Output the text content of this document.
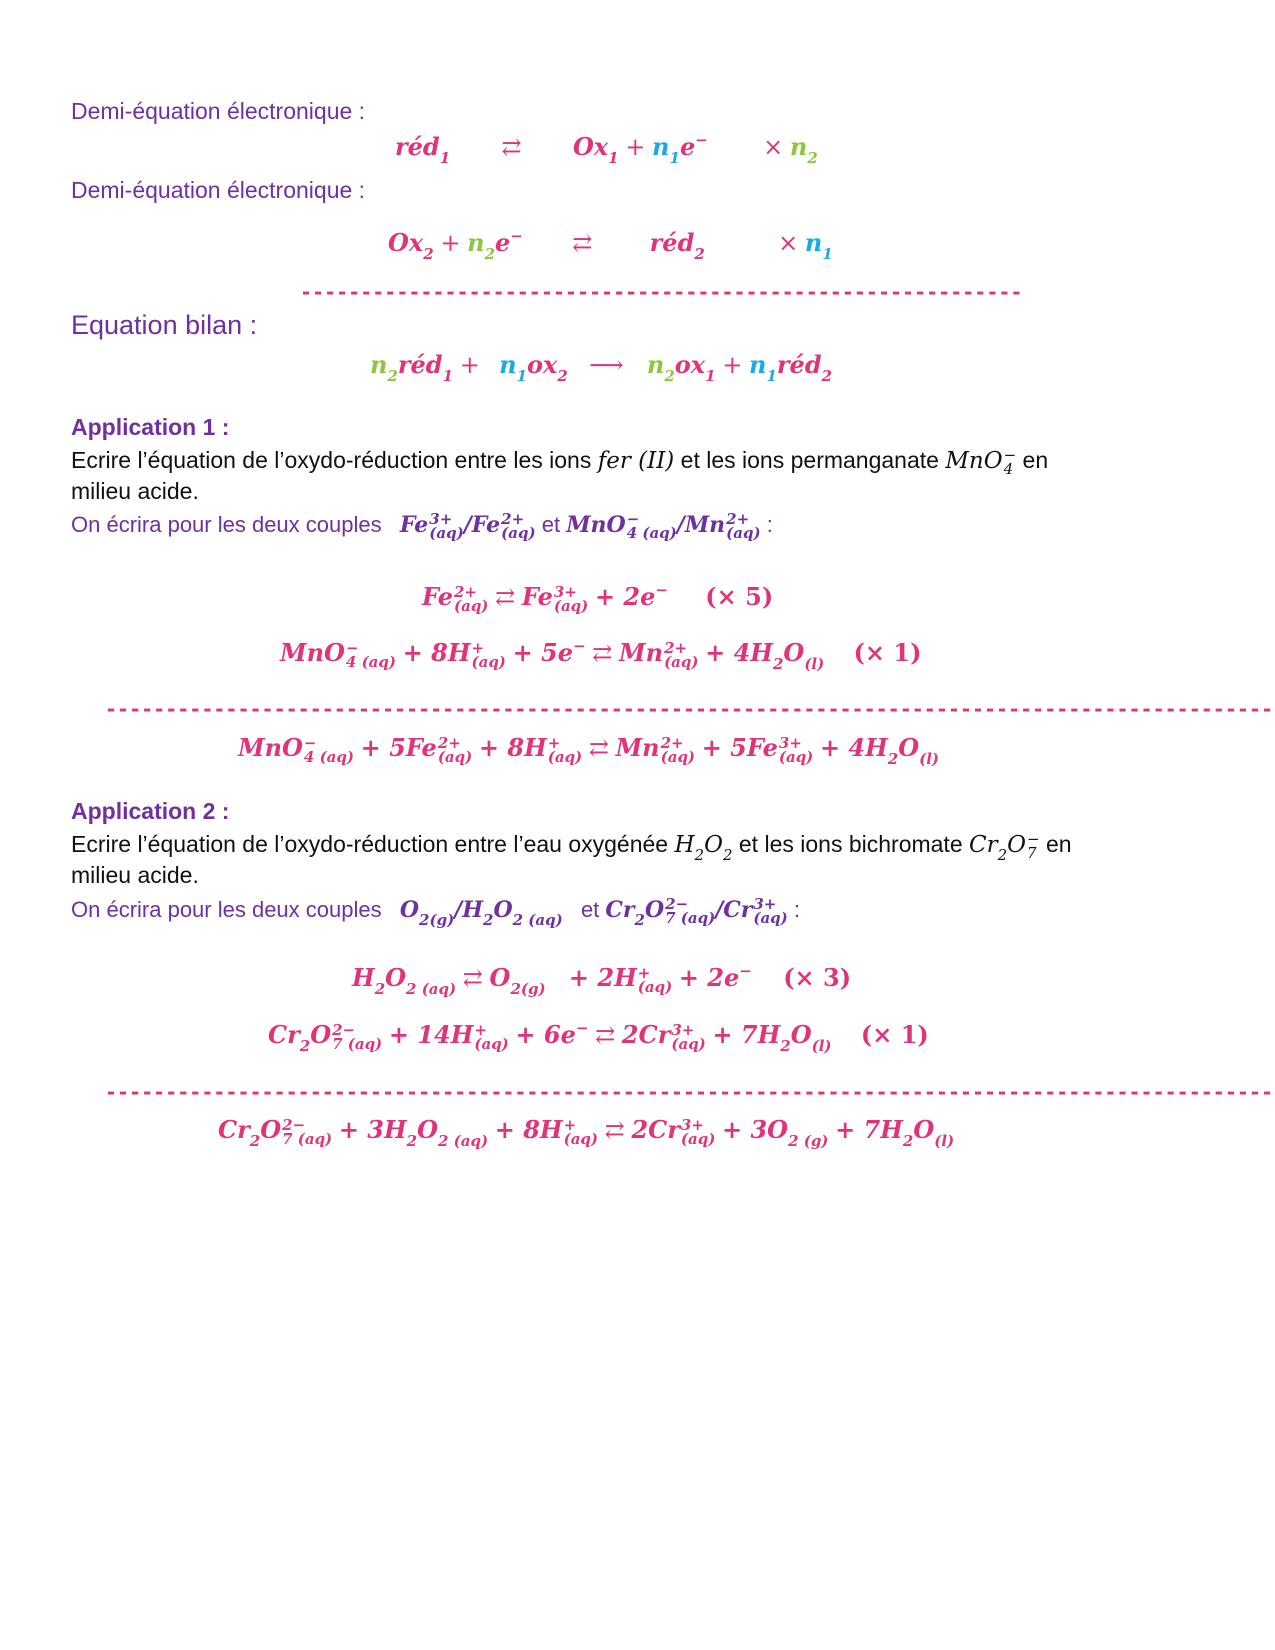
Demi-équation électronique :
réd$_1$ ⇄ $Ox_1 + n_1e^- \times n_2$
Demi-équation électronique :
$Ox_2 + n_2e^-$ ⇄ réd$_2$	× $n_1$
------------------------------------------------------------
Equation bilan :
$n_2réd_1 + n_1ox_2$ ⟶ $n_2ox_1$ + $n_1réd_2$
Application 1 :
Ecrire l’équation de l’oxydo-réduction entre les ions fer (II) et les ions permanganate MnO −
4 en
milieu acide.
On écrira pour les deux couples Fe 3+
(aq) /Fe 2+
(aq) et MnO −
4 (aq) /Mn 2+
(aq) :
Fe 2+
(aq) ⇄ Fe 3+
(aq) + 2e− (× 5)
MnO −
4 (aq) + 8H +
(aq) + 5e− ⇄ Mn 2+
$(aq) + 4H_2O_{(l)}$ (× 1)
-------------------------------------------------------------------------------------------------
MnO −
4 (aq) + 5Fe 2+
(aq) + 8H +
(aq) ⇄ Mn 2+
(aq) + 5Fe 3+
$(aq) + 4H_2O_{(l)}$
Application 2 :
Ecrire l’équation de l’oxydo-réduction entre l’eau oxygénée $H_2O_2$ et les ions bichromate $Cr_2O$ −
7 en
milieu acide.
On écrira pour les deux couples $O_{2(g)}/H_2O_{2 (aq)}$ et $Cr_2O$ 2−
7 (aq) /Cr 3+
(aq) :
$H_2O_{2 (aq)}$ ⇄ $O_{2(g)} + 2H$ +
(aq) + 2e− (× 3)
$Cr_2O$ 2−
7 (aq) + 14H +
(aq) + 6e− ⇄ 2Cr 3+
$(aq) + 7H_2O_{(l)}$ (× 1)
-------------------------------------------------------------------------------------------------
$Cr_2O$ 2−
7 $(aq) + 3H_2O_{2 (aq)} + 8H$ +
(aq) ⇄ 2Cr 3+
$(aq) + 3O_{2 (g)} + 7H_2O_{(l)}$
